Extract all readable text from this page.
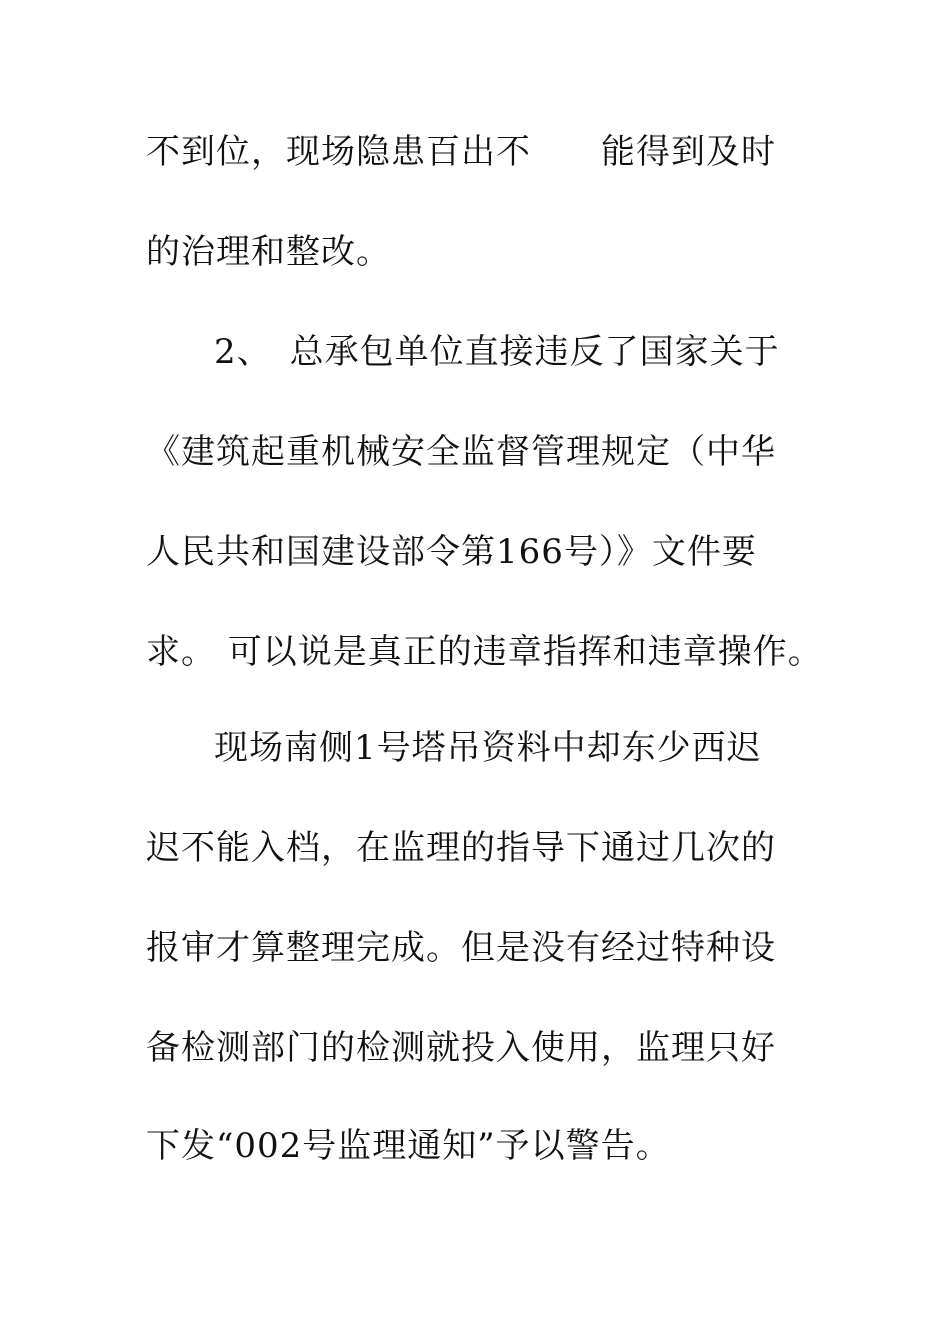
不到位，现场隐患百出不　　能得到及时
的治理和整改。
2、　总承包单位直接违反了国家关于
《建筑起重机械安全监督管理规定（中华
人民共和国建设部令第166号）》文件要
求。 可以说是真正的违章指挥和违章操作。
现场南侧1号塔吊资料中却东少西迟
迟不能入档，在监理的指导下通过几次的
报审才算整理完成。但是没有经过特种设
备检测部门的检测就投入使用，监理只好
下发“002号监理通知”予以警告。
